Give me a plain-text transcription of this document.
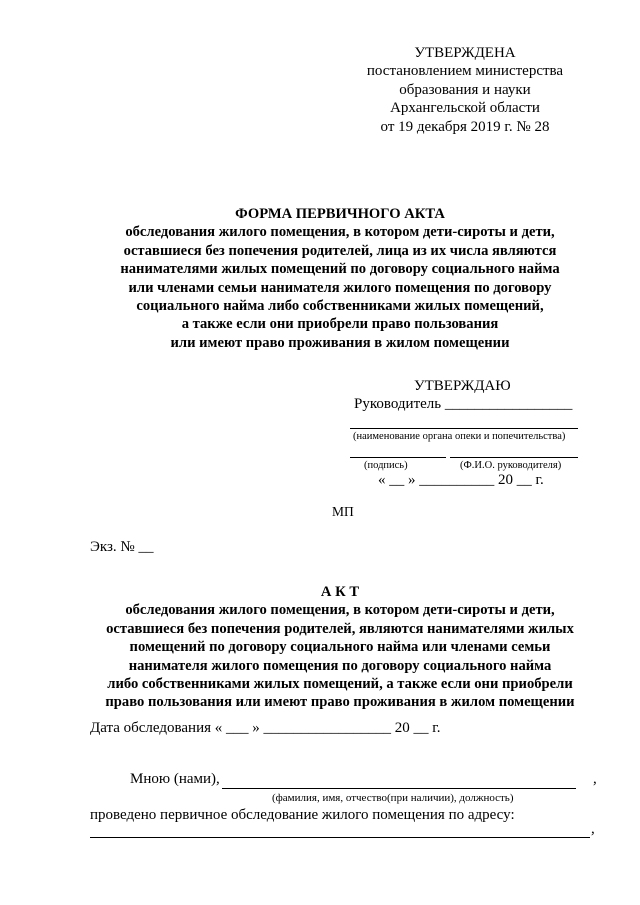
УТВЕРЖДЕНА
постановлением министерства
образования и науки
Архангельской области
от 19 декабря 2019 г. № 28
ФОРМА ПЕРВИЧНОГО АКТА
обследования жилого помещения, в котором дети-сироты и дети,
оставшиеся без попечения родителей, лица из их числа являются
нанимателями жилых помещений по договору социального найма
или членами семьи нанимателя жилого помещения по договору
социального найма либо собственниками жилых помещений,
а также если они приобрели право пользования
или имеют право проживания в жилом помещении
УТВЕРЖДАЮ
Руководитель _________________
(наименование органа опеки и попечительства)
(подпись)	(Ф.И.О. руководителя)
« __ » __________ 20 __ г.
МП
Экз. № __
А К Т
обследования жилого помещения, в котором дети-сироты и дети,
оставшиеся без попечения родителей, являются нанимателями жилых
помещений по договору социального найма или членами семьи
нанимателя жилого помещения по договору социального найма
либо собственниками жилых помещений, а также если они приобрели
право пользования или имеют право проживания в жилом помещении
Дата обследования « ___ » _________________ 20 __ г.
Мною (нами),	,
(фамилия, имя, отчество(при наличии), должность)
проведено первичное обследование жилого помещения по адресу:
,
